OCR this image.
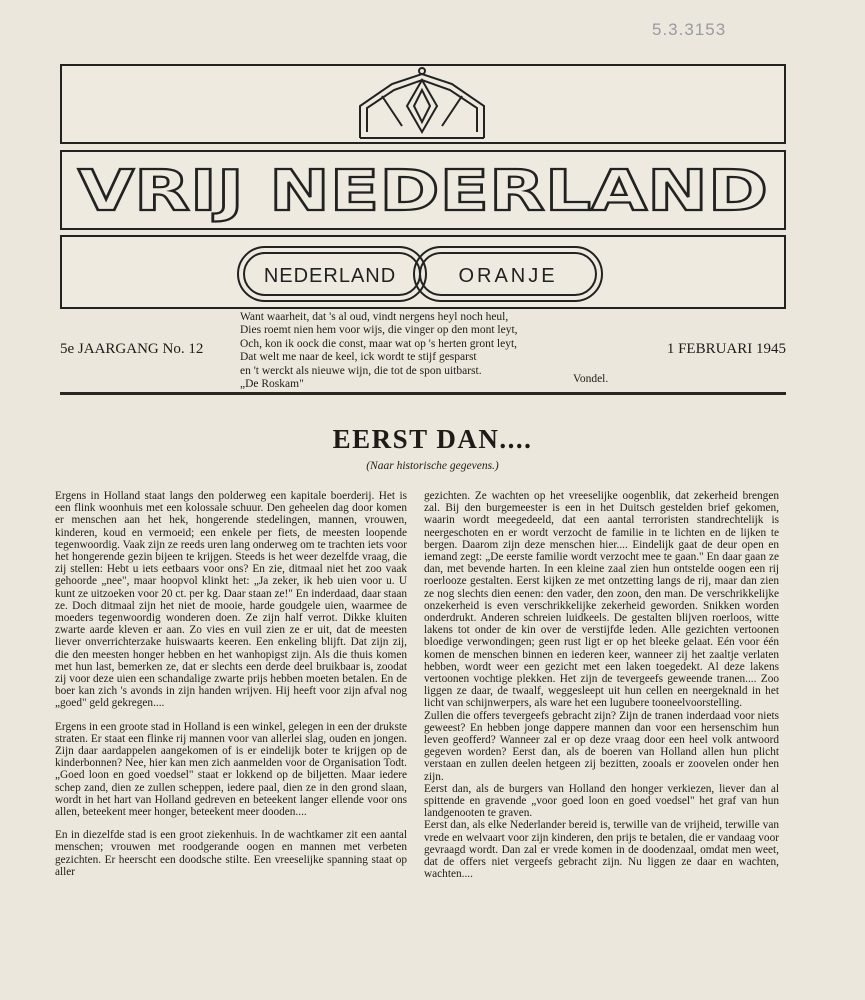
5.3.3153
VRIJ NEDERLAND
NEDERLAND	ORANJE
5e JAARGANG No. 12
Want waarheit, dat 's al oud, vindt nergens heyl noch heul,
Dies roemt nien hem voor wijs, die vinger op den mont leyt,
Och, kon ik oock die const, maar wat op 's herten gront leyt,
Dat welt me naar de keel, ick wordt te stijf gesparst
en 't werckt als nieuwe wijn, die tot de spon uitbarst.
„De Roskam"	Vondel.
1 FEBRUARI 1945
EERST DAN....
(Naar historische gegevens.)

Ergens in Holland staat langs den polderweg een kapitale boerderij. Het is een flink woonhuis met een kolossale schuur. Den geheelen dag door komen er menschen aan het hek, hongerende stedelingen, mannen, vrouwen, kinderen, koud en vermoeid; een enkele per fiets, de meesten loopende tegenwoordig. Vaak zijn ze reeds uren lang onderweg om te trachten iets voor het hongerende gezin bijeen te krijgen. Steeds is het weer dezelfde vraag, die zij stellen: Hebt u iets eetbaars voor ons? En zie, ditmaal niet het zoo vaak gehoorde „nee", maar hoopvol klinkt het: „Ja zeker, ik heb uien voor u. U kunt ze uitzoeken voor 20 ct. per kg. Daar staan ze!" En inderdaad, daar staan ze. Doch ditmaal zijn het niet de mooie, harde goudgele uien, waarmee de moeders tegenwoordig wonderen doen. Ze zijn half verrot. Dikke kluiten zwarte aarde kleven er aan. Zo vies en vuil zien ze er uit, dat de meesten liever onverrichterzake huiswaarts keeren. Een enkeling blijft. Dat zijn zij, die den meesten honger hebben en het wanhopigst zijn. Als die thuis komen met hun last, bemerken ze, dat er slechts een derde deel bruikbaar is, zoodat zij voor deze uien een schandalige zwarte prijs hebben moeten betalen. En de boer kan zich 's avonds in zijn handen wrijven. Hij heeft voor zijn afval nog „goed" geld gekregen....

Ergens in een groote stad in Holland is een winkel, gelegen in een der drukste straten. Er staat een flinke rij mannen voor van allerlei slag, ouden en jongen. Zijn daar aardappelen aangekomen of is er eindelijk boter te krijgen op de kinderbonnen? Nee, hier kan men zich aanmelden voor de Organisation Todt. „Goed loon en goed voedsel" staat er lokkend op de biljetten. Maar iedere schep zand, dien ze zullen scheppen, iedere paal, dien ze in den grond slaan, wordt in het hart van Holland gedreven en beteekent langer ellende voor ons allen, beteekent meer honger, beteekent meer dooden....

En in diezelfde stad is een groot ziekenhuis. In de wachtkamer zit een aantal menschen; vrouwen met roodgerande oogen en mannen met verbeten gezichten. Er heerscht een doodsche stilte. Een vreeselijke spanning staat op aller

gezichten. Ze wachten op het vreeselijke oogenblik, dat zekerheid brengen zal. Bij den burgemeester is een in het Duitsch gestelden brief gekomen, waarin wordt meegedeeld, dat een aantal terroristen standrechtelijk is neergeschoten en er wordt verzocht de familie in te lichten en de lijken te bergen. Daarom zijn deze menschen hier.... Eindelijk gaat de deur open en iemand zegt: „De eerste familie wordt verzocht mee te gaan." En daar gaan ze dan, met bevende harten. In een kleine zaal zien hun ontstelde oogen een rij roerlooze gestalten. Eerst kijken ze met ontzetting langs de rij, maar dan zien ze nog slechts dien eenen: den vader, den zoon, den man. De verschrikkelijke onzekerheid is even verschrikkelijke zekerheid geworden. Snikken worden onderdrukt. Anderen schreien luidkeels. De gestalten blijven roerloos, witte lakens tot onder de kin over de verstijfde leden. Alle gezichten vertoonen bloedige verwondingen; geen rust ligt er op het bleeke gelaat. Eén voor één komen de menschen binnen en iederen keer, wanneer zij het zaaltje verlaten hebben, wordt weer een gezicht met een laken toegedekt. Al deze lakens vertoonen vochtige plekken. Het zijn de tevergeefs geweende tranen.... Zoo liggen ze daar, de twaalf, weggesleept uit hun cellen en neergeknald in het licht van schijnwerpers, als ware het een lugubere tooneelvoorstelling.

Zullen die offers tevergeefs gebracht zijn? Zijn de tranen inderdaad voor niets geweest? En hebben jonge dappere mannen dan voor een hersenschim hun leven geofferd? Wanneer zal er op deze vraag door een heel volk antwoord gegeven worden? Eerst dan, als de boeren van Holland allen hun plicht verstaan en zullen deelen hetgeen zij bezitten, zooals er zoovelen onder hen zijn.

Eerst dan, als de burgers van Holland den honger verkiezen, liever dan al spittende en gravende „voor goed loon en goed voedsel" het graf van hun landgenooten te graven.

Eerst dan, als elke Nederlander bereid is, terwille van de vrijheid, terwille van vrede en welvaart voor zijn kinderen, den prijs te betalen, die er vandaag voor gevraagd wordt. Dan zal er vrede komen in de doodenzaal, omdat men weet, dat de offers niet vergeefs gebracht zijn. Nu liggen ze daar en wachten, wachten....
